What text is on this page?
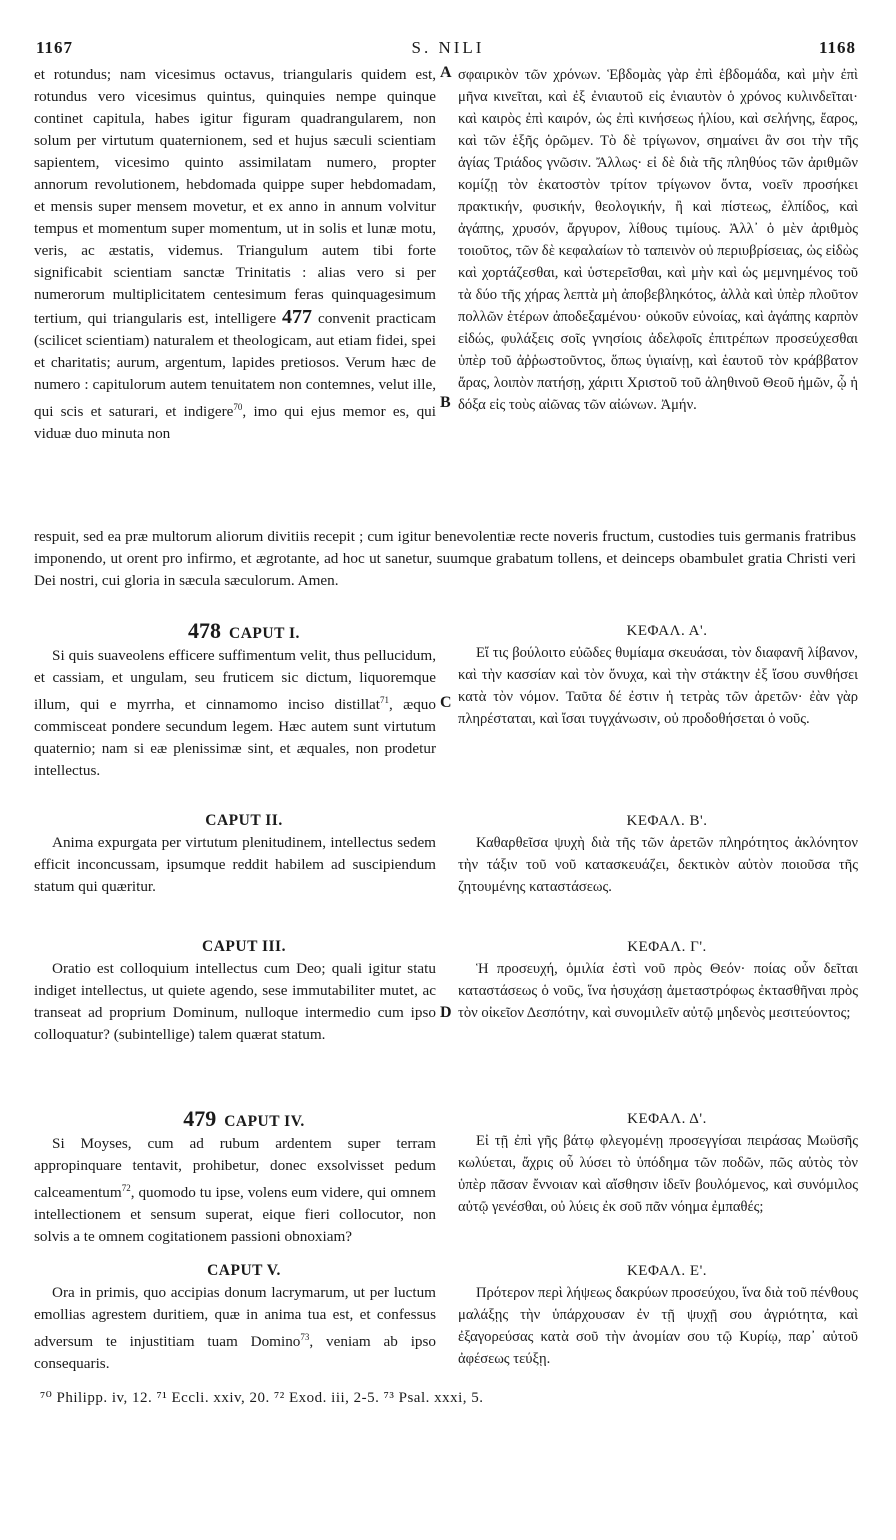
1167	S. NILI	1168
A
B
C
D

et rotundus; nam vicesimus octavus, triangularis quidem est, rotundus vero vicesimus quintus, quinquies nempe quinque continet capitula, habes igitur figuram quadrangularem, non solum per virtutum quaternionem, sed et hujus sæculi scientiam sapientem, vicesimo quinto assimilatam numero, propter annorum revolutionem, hebdomada quippe super hebdomadam, et mensis super mensem movetur, et ex anno in annum volvitur tempus et momentum super momentum, ut in solis et lunæ motu, veris, ac æstatis, videmus. Triangulum autem tibi forte significabit scientiam sanctæ Trinitatis : alias vero si per numerorum multiplicitatem centesimum feras quinquagesimum tertium, qui triangularis est, intelligere 477 convenit practicam (scilicet scientiam) naturalem et theologicam, aut etiam fidei, spei et charitatis; aurum, argentum, lapides pretiosos. Verum hæc de numero : capitulorum autem tenuitatem non contemnes, velut ille, qui scis et saturari, et indigere$^{70}$, imo qui ejus memor es, qui viduæ duo minuta non

σφαιρικὸν τῶν χρόνων. Ἑβδομὰς γὰρ ἐπὶ ἑβδομάδα, καὶ μὴν ἐπὶ μῆνα κινεῖται, καὶ ἐξ ἐνιαυτοῦ εἰς ἐνιαυτὸν ὁ χρόνος κυλινδεῖται· καὶ καιρὸς ἐπὶ καιρόν, ὡς ἐπὶ κινήσεως ἡλίου, καὶ σελήνης, ἔαρος, καὶ τῶν ἑξῆς ὁρῶμεν. Τὸ δὲ τρίγωνον, σημαίνει ἂν σοι τὴν τῆς ἁγίας Τριάδος γνῶσιν. Ἄλλως· εἰ δὲ διὰ τῆς πληθύος τῶν ἀριθμῶν κομίζῃ τὸν ἑκατοστὸν τρίτον τρίγωνον ὄντα, νοεῖν προσήκει πρακτικήν, φυσικήν, θεολογικήν, ἢ καὶ πίστεως, ἐλπίδος, καὶ ἀγάπης, χρυσόν, ἄργυρον, λίθους τιμίους. Ἀλλ᾽ ὁ μὲν ἀριθμὸς τοιοῦτος, τῶν δὲ κεφαλαίων τὸ ταπεινὸν οὐ περιυβρίσειας, ὡς εἰδὼς καὶ χορτάζεσθαι, καὶ ὑστερεῖσθαι, καὶ μὴν καὶ ὡς μεμνημένος τοῦ τὰ δύο τῆς χήρας λεπτὰ μὴ ἀποβεβληκότος, ἀλλὰ καὶ ὑπὲρ πλοῦτον πολλῶν ἑτέρων ἀποδεξαμένου· οὐκοῦν εὐνοίας, καὶ ἀγάπης καρπὸν εἰδώς, φυλάξεις σοῖς γνησίοις ἀδελφοῖς ἐπιτρέπων προσεύχεσθαι ὑπὲρ τοῦ ἀῤῥωστοῦντος, ὅπως ὑγιαίνῃ, καὶ ἑαυτοῦ τὸν κράββατον ἄρας, λοιπὸν πατήσῃ, χάριτι Χριστοῦ τοῦ ἀληθινοῦ Θεοῦ ἡμῶν, ᾧ ἡ δόξα εἰς τοὺς αἰῶνας τῶν αἰώνων. Ἀμήν.

respuit, sed ea præ multorum aliorum divitiis recepit ; cum igitur benevolentiæ recte noveris fructum, custodies tuis germanis fratribus imponendo, ut orent pro infirmo, et ægrotante, ad hoc ut sanetur, suumque grabatum tollens, et deinceps obambulet gratia Christi veri Dei nostri, cui gloria in sæcula sæculorum. Amen.

478 CAPUT I.

Si quis suaveolens efficere suffimentum velit, thus pellucidum, et cassiam, et ungulam, seu fruticem sic dictum, liquoremque illum, qui e myrrha, et cinnamomo inciso distillat$^{71}$, æquo commisceat pondere secundum legem. Hæc autem sunt virtutum quaternio; nam si eæ plenissimæ sint, et æquales, non prodetur intellectus.

CAPUT II.

Anima expurgata per virtutum plenitudinem, intellectus sedem efficit inconcussam, ipsumque reddit habilem ad suscipiendum statum qui quæritur.

CAPUT III.

Oratio est colloquium intellectus cum Deo; quali igitur statu indiget intellectus, ut quiete agendo, sese immutabiliter mutet, ac transeat ad proprium Dominum, nulloque intermedio cum ipso colloquatur? (subintellige) talem quærat statum.

479 CAPUT IV.

Si Moyses, cum ad rubum ardentem super terram appropinquare tentavit, prohibetur, donec exsolvisset pedum calceamentum$^{72}$, quomodo tu ipse, volens eum videre, qui omnem intellectionem et sensum superat, eique fieri collocutor, non solvis a te omnem cogitationem passioni obnoxiam?

CAPUT V.

Ora in primis, quo accipias donum lacrymarum, ut per luctum emollias agrestem duritiem, quæ in anima tua est, et confessus adversum te injustitiam tuam Domino$^{73}$, veniam ab ipso consequaris.

ΚΕΦΑΛ. Α'.

Εἴ τις βούλοιτο εὐῶδες θυμίαμα σκευάσαι, τὸν διαφανῆ λίβανον, καὶ τὴν κασσίαν καὶ τὸν ὄνυχα, καὶ τὴν στάκτην ἐξ ἴσου συνθήσει κατὰ τὸν νόμον. Ταῦτα δέ ἐστιν ἡ τετρὰς τῶν ἀρετῶν· ἐὰν γὰρ πληρέσταται, καὶ ἴσαι τυγχάνωσιν, οὐ προδοθήσεται ὁ νοῦς.

ΚΕΦΑΛ. Β'.

Καθαρθεῖσα ψυχὴ διὰ τῆς τῶν ἀρετῶν πληρότητος ἀκλόνητον τὴν τάξιν τοῦ νοῦ κατασκευάζει, δεκτικὸν αὐτὸν ποιοῦσα τῆς ζητουμένης καταστάσεως.

ΚΕΦΑΛ. Γ'.

Ἡ προσευχή, ὁμιλία ἐστὶ νοῦ πρὸς Θεόν· ποίας οὖν δεῖται καταστάσεως ὁ νοῦς, ἵνα ἡσυχάσῃ ἀμεταστρόφως ἐκτασθῆναι πρὸς τὸν οἰκεῖον Δεσπότην, καὶ συνομιλεῖν αὐτῷ μηδενὸς μεσιτεύοντος;

ΚΕΦΑΛ. Δ'.

Εἰ τῇ ἐπὶ γῆς βάτῳ φλεγομένῃ προσεγγίσαι πειράσας Μωϋσῆς κωλύεται, ἄχρις οὗ λύσει τὸ ὑπόδημα τῶν ποδῶν, πῶς αὐτὸς τὸν ὑπὲρ πᾶσαν ἔννοιαν καὶ αἴσθησιν ἰδεῖν βουλόμενος, καὶ συνόμιλος αὐτῷ γενέσθαι, οὐ λύεις ἐκ σοῦ πᾶν νόημα ἐμπαθές;

ΚΕΦΑΛ. Ε'.

Πρότερον περὶ λήψεως δακρύων προσεύχου, ἵνα διὰ τοῦ πένθους μαλάξῃς τὴν ὑπάρχουσαν ἐν τῇ ψυχῇ σου ἀγριότητα, καὶ ἐξαγορεύσας κατὰ σοῦ τὴν ἀνομίαν σου τῷ Κυρίῳ, παρ᾽ αὐτοῦ ἀφέσεως τεύξῃ.

⁷⁰ Philipp. iv, 12. ⁷¹ Eccli. xxiv, 20. ⁷² Exod. iii, 2-5. ⁷³ Psal. xxxi, 5.
